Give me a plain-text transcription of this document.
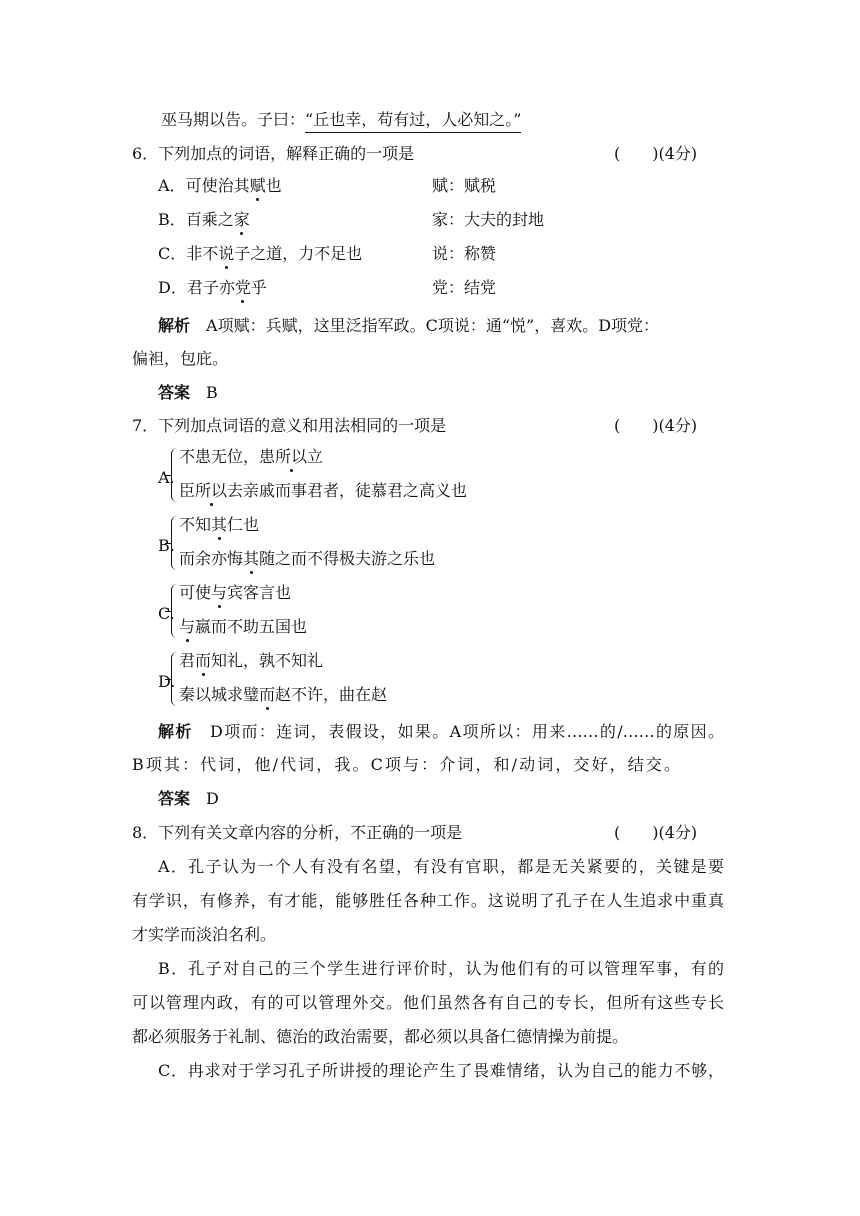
巫马期以告。子曰：“丘也幸，苟有过，人必知之。”
6．下列加点的词语，解释正确的一项是	(　　)(4分)
A．可使治其赋也	赋：赋税
B．百乘之家	家：大夫的封地
C．非不说子之道，力不足也	说：称赞
D．君子亦党乎	党：结党
解析　 A项赋：兵赋，这里泛指军政。C项说：通“悦”，喜欢。D项党：
偏袒，包庇。
答案　 B
7．下列加点词语的意义和用法相同的一项是	(　　)(4分)
A.
不患无位，患所以立
臣所以去亲戚而事君者，徒慕君之高义也
B.
不知其仁也
而余亦悔其随之而不得极夫游之乐也
C.
可使与宾客言也
与嬴而不助五国也
D.
君而知礼，孰不知礼
秦以城求璧而赵不许，曲在赵
解析　 D项而：连词，表假设，如果。A项所以：用来……的/……的原因。
B项其：代词，他/代词，我。C项与：介词，和/动词，交好，结交。
答案　 D
8．下列有关文章内容的分析，不正确的一项是	(　　)(4分)
A．孔子认为一个人有没有名望，有没有官职，都是无关紧要的，关键是要
有学识，有修养，有才能，能够胜任各种工作。这说明了孔子在人生追求中重真
才实学而淡泊名利。
B．孔子对自己的三个学生进行评价时，认为他们有的可以管理军事，有的
可以管理内政，有的可以管理外交。他们虽然各有自己的专长，但所有这些专长
都必须服务于礼制、德治的政治需要，都必须以具备仁德情操为前提。
C．冉求对于学习孔子所讲授的理论产生了畏难情绪，认为自己的能力不够，
